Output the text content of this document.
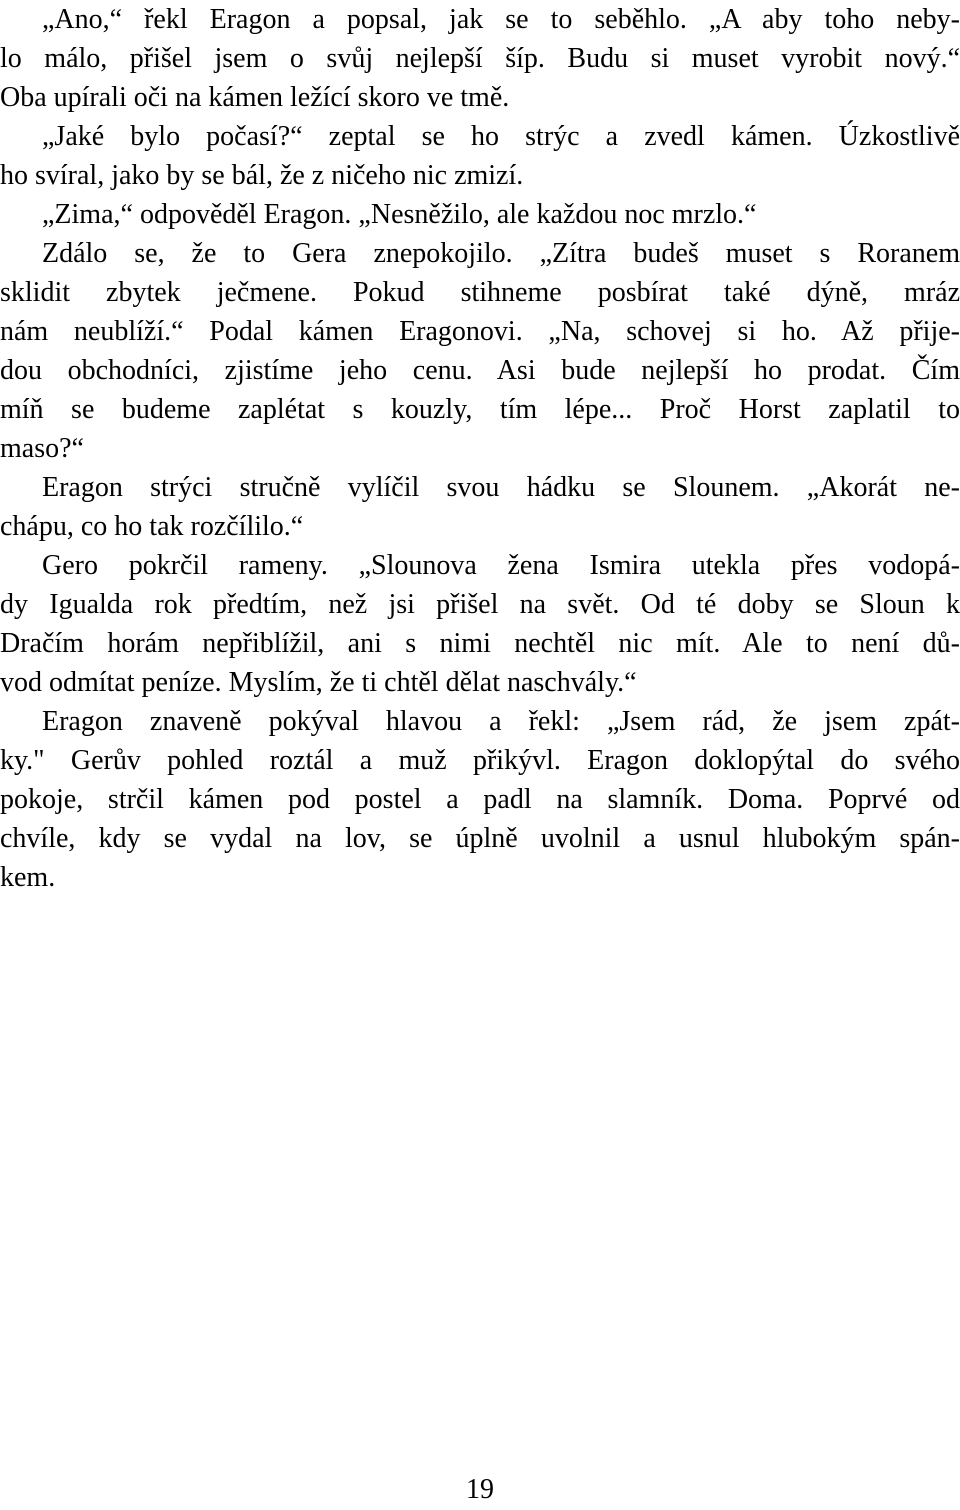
„Ano,“ řekl Eragon a popsal, jak se to seběhlo. „A aby toho neby-
lo málo, přišel jsem o svůj nejlepší šíp. Budu si muset vyrobit nový.“
Oba upírali oči na kámen ležící skoro ve tmě.
„Jaké bylo počasí?“ zeptal se ho strýc a zvedl kámen. Úzkostlivě
ho svíral, jako by se bál, že z ničeho nic zmizí.
„Zima,“ odpověděl Eragon. „Nesněžilo, ale každou noc mrzlo.“
Zdálo se, že to Gera znepokojilo. „Zítra budeš muset s Roranem
sklidit zbytek ječmene. Pokud stihneme posbírat také dýně, mráz
nám neublíží.“ Podal kámen Eragonovi. „Na, schovej si ho. Až přije-
dou obchodníci, zjistíme jeho cenu. Asi bude nejlepší ho prodat. Čím
míň se budeme zaplétat s kouzly, tím lépe... Proč Horst zaplatil to
maso?“
Eragon strýci stručně vylíčil svou hádku se Slounem. „Akorát ne-
chápu, co ho tak rozčílilo.“
Gero pokrčil rameny. „Slounova žena Ismira utekla přes vodopá-
dy Igualda rok předtím, než jsi přišel na svět. Od té doby se Sloun k
Dračím horám nepřiblížil, ani s nimi nechtěl nic mít. Ale to není dů-
vod odmítat peníze. Myslím, že ti chtěl dělat naschvály.“
Eragon znaveně pokýval hlavou a řekl: „Jsem rád, že jsem zpát-
ky." Gerův pohled roztál a muž přikývl. Eragon doklopýtal do svého
pokoje, strčil kámen pod postel a padl na slamník. Doma. Poprvé od
chvíle, kdy se vydal na lov, se úplně uvolnil a usnul hlubokým spán-
kem.
19
